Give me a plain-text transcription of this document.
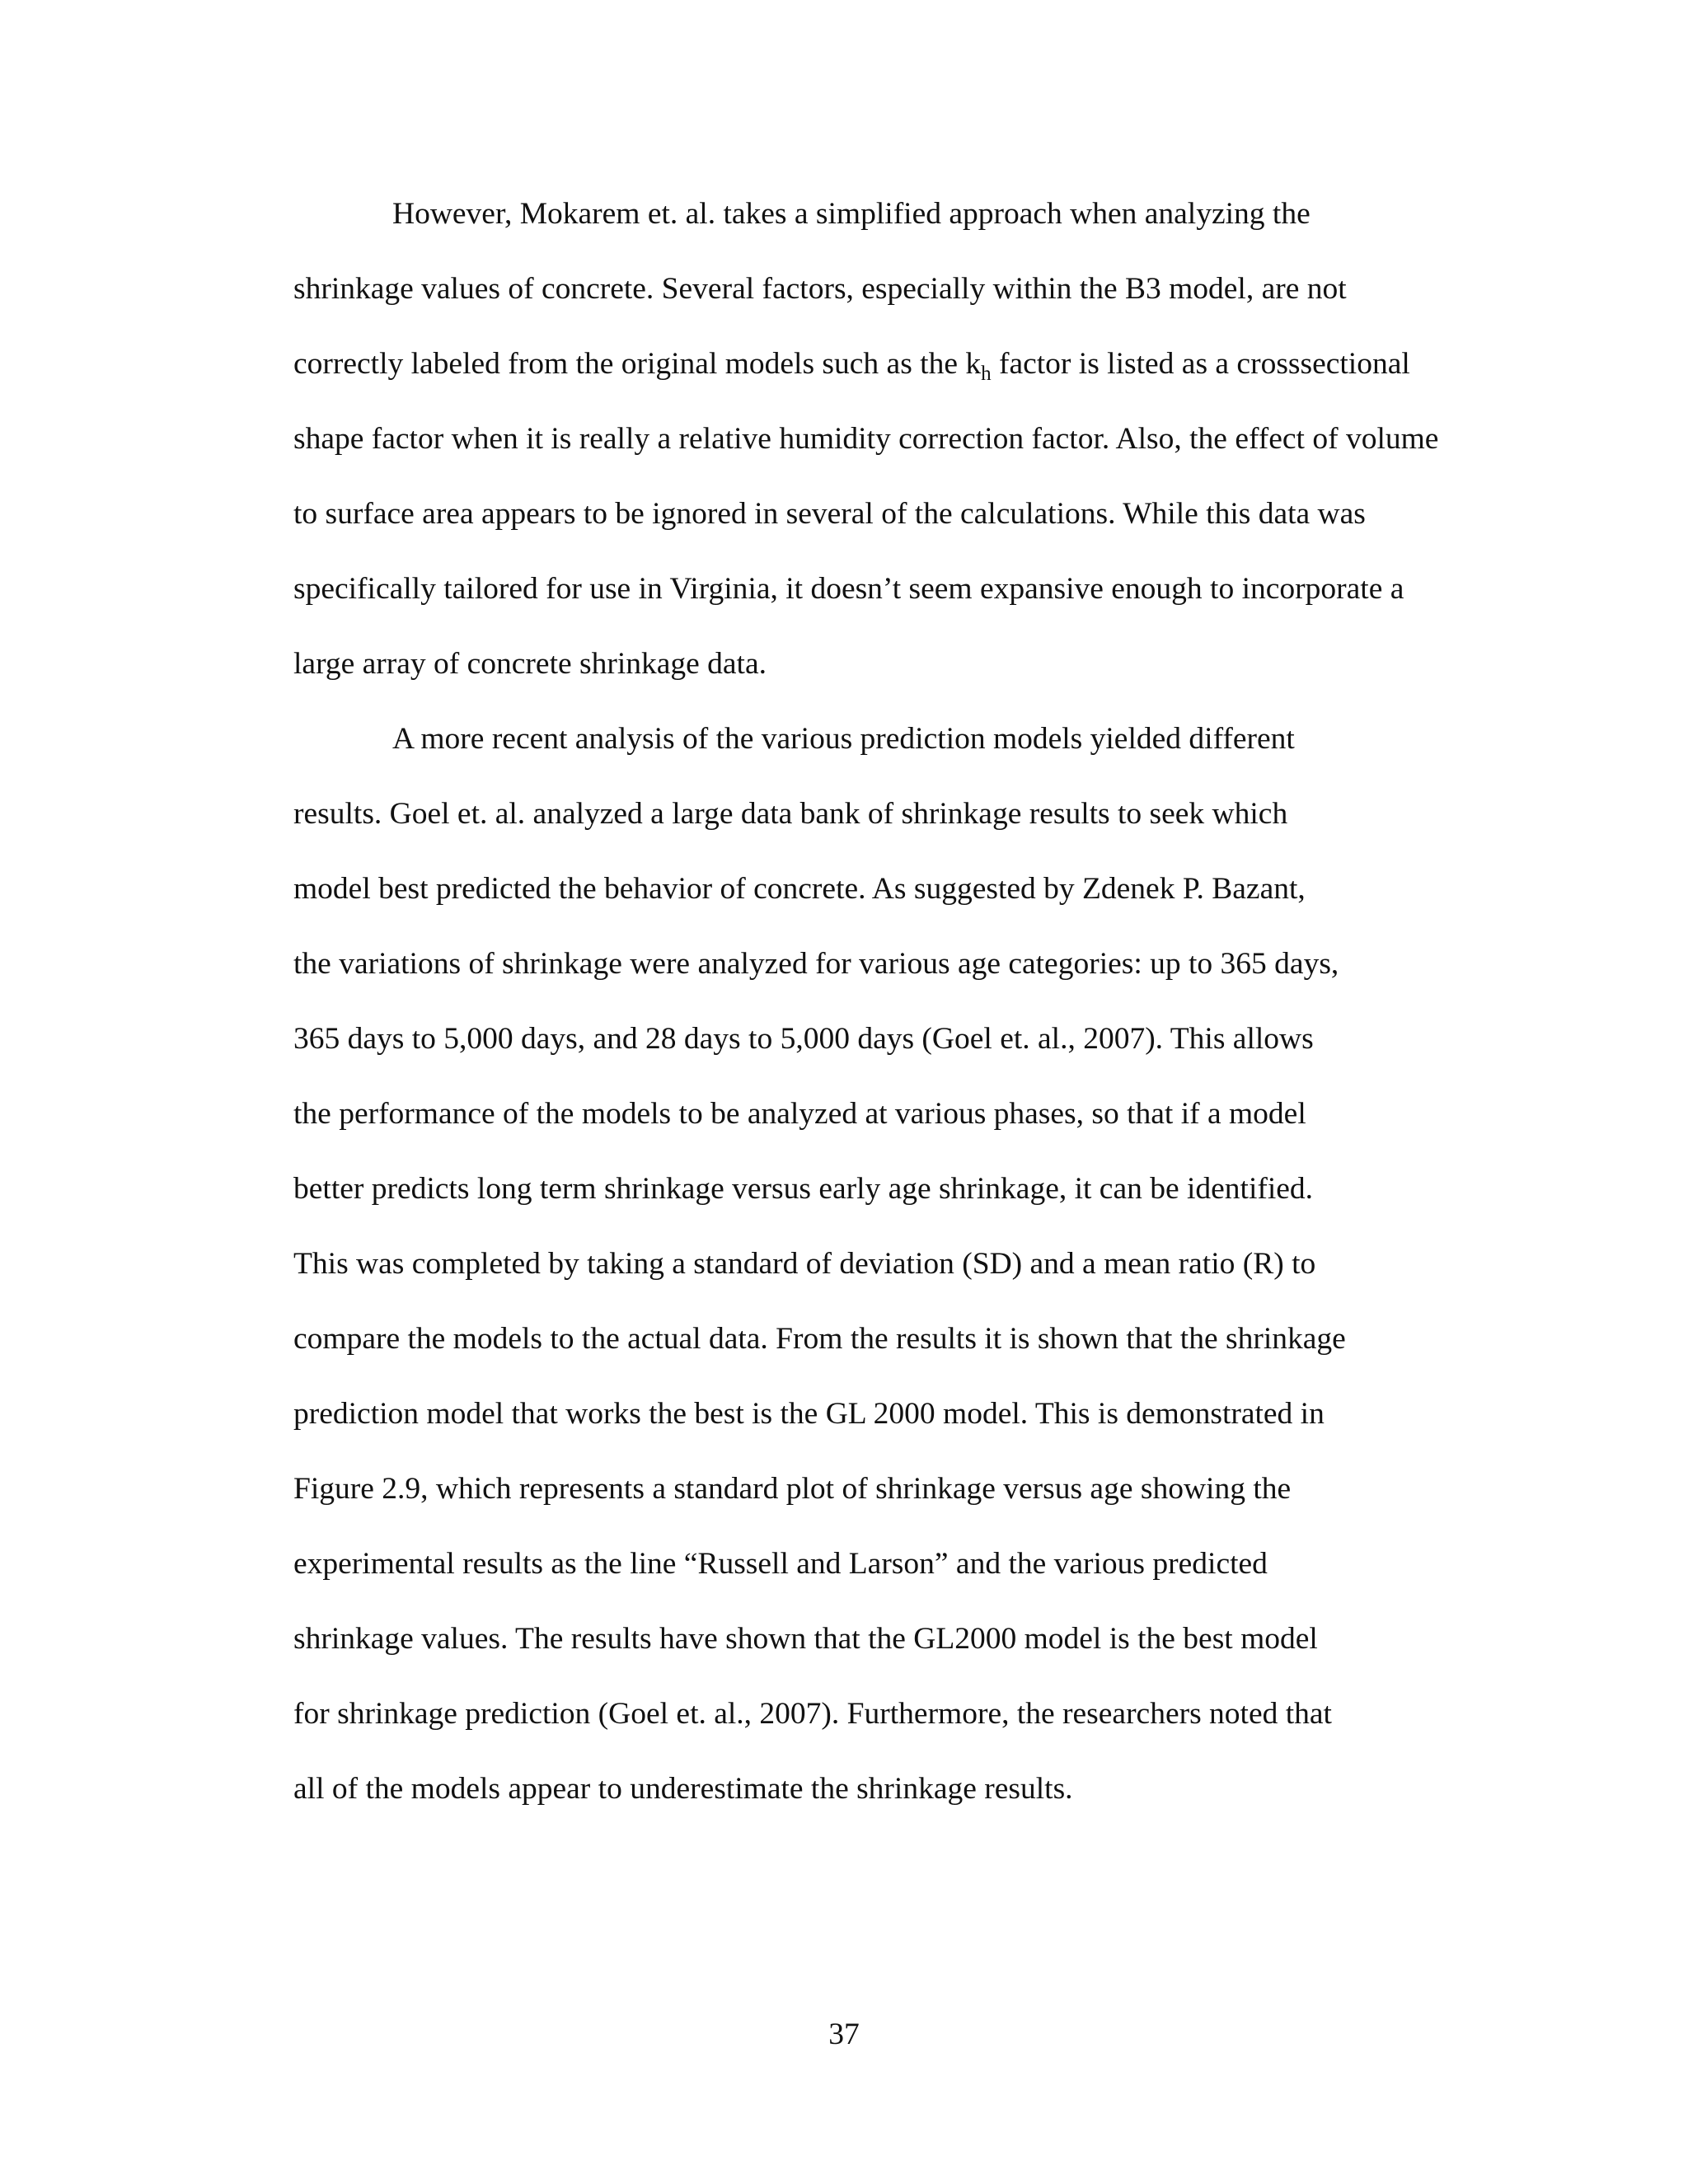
However, Mokarem et. al. takes a simplified approach when analyzing the

shrinkage values of concrete. Several factors, especially within the B3 model, are not

correctly labeled from the original models such as the $k_h$ factor is listed as a crosssectional

shape factor when it is really a relative humidity correction factor. Also, the effect of volume

to surface area appears to be ignored in several of the calculations. While this data was

specifically tailored for use in Virginia, it doesn’t seem expansive enough to incorporate a

large array of concrete shrinkage data.

A more recent analysis of the various prediction models yielded different

results. Goel et. al. analyzed a large data bank of shrinkage results to seek which

model best predicted the behavior of concrete. As suggested by Zdenek P. Bazant,

the variations of shrinkage were analyzed for various age categories: up to 365 days,

365 days to 5,000 days, and 28 days to 5,000 days (Goel et. al., 2007). This allows

the performance of the models to be analyzed at various phases, so that if a model

better predicts long term shrinkage versus early age shrinkage, it can be identified.

This was completed by taking a standard of deviation (SD) and a mean ratio (R) to

compare the models to the actual data. From the results it is shown that the shrinkage

prediction model that works the best is the GL 2000 model. This is demonstrated in

Figure 2.9, which represents a standard plot of shrinkage versus age showing the

experimental results as the line “Russell and Larson” and the various predicted

shrinkage values. The results have shown that the GL2000 model is the best model

for shrinkage prediction (Goel et. al., 2007). Furthermore, the researchers noted that

all of the models appear to underestimate the shrinkage results.

37
